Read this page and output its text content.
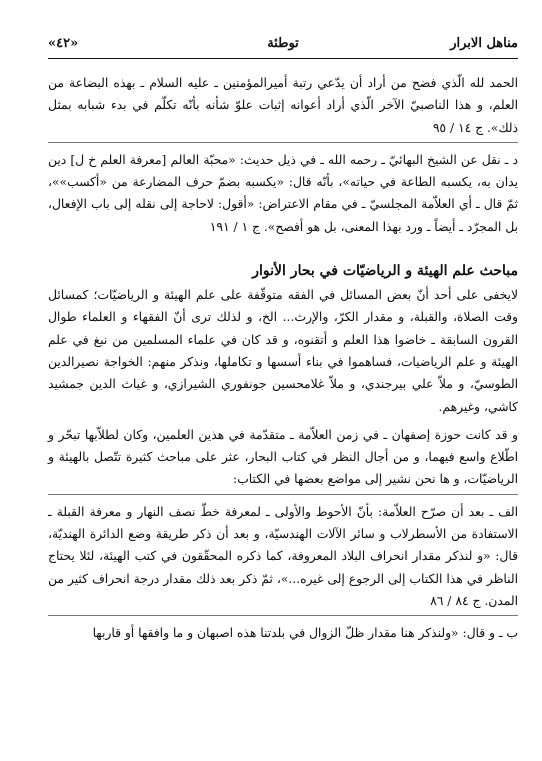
«٤٢»	توطئة	مناهل الابرار

الحمد لله الّذي فضح من أراد أن يدّعي رتبة أميرالمؤمنين ـ عليه السلام ـ بهذه البضاعة من العلم، و هذا الناصبيّ الآخر الّذي أراد أعوانه إثبات علوّ شأنه بأنّه تكلّم في بدء شبابه بمثل ذلك». ج ١٤ / ٩٥

د ـ نقل عن الشيخ البهائيّ ـ رحمه الله ـ في ذيل حديث: «محبّة العالم [معرفة العلم خ ل] دين يدان به، يكسبه الطاعة في حياته»، بأنّه قال: «يكسبه بضمّ حرف المضارعة من «أكسب»»، ثمّ قال ـ أي العلاّمة المجلسيّ ـ في مقام الاعتراض: «أقول: لاحاجة إلى نقله إلى باب الإفعال، بل المجرّد ـ أيضاً ـ ورد بهذا المعنى، بل هو أفصح». ج ١ / ١٩١

مباحث علم الهيئة و الرياضيّات في بحار الأنوار

لايخفى على أحد أنّ بعض المسائل في الفقه متوقّفة على علم الهيئة و الرياضيّات؛ كمسائل وقت الصلاة، والقبلة، و مقدار الكرّ، والإرث... الخ، و لذلك ترى أنّ الفقهاء و العلماء طوال القرون السابقة ـ خاضوا هذا العلم و أتقنوه، و قد كان في علماء المسلمين من نبغ في علم الهيئة و علم الرياضيات، فساهموا في بناء أسسها و تكاملها، ونذكر منهم: الخواجة نصيرالدين الطوسيّ، و ملاّ علي بيرجندي، و ملاّ غلامحسين جونفوري الشيرازي، و غياث الدين جمشيد كاشي، وغيرهم.

و قد كانت حوزة إصفهان ـ في زمن العلاّمة ـ متقدّمة في هذين العلمين، وكان لطلاّبها تبحّر و اطّلاع واسع فيهما، و من أجال النظر في كتاب البحار، عثر على مباحث كثيرة تتّصل بالهيئة و الرياضيّات، و ها نحن نشير إلى مواضع بعضها في الكتاب:

الف ـ بعد أن صرّح العلاّمة: بأنّ الأحوط والأولى ـ لمعرفة خطّ نصف النهار و معرفة القبلة ـ الاستفادة من الأسطرلاب و سائر الآلات الهندسيّة، و بعد أن ذكر طريقة وضع الدائرة الهنديّة، قال: «و لنذكر مقدار انحراف البلاد المعروفة، كما ذكره المحقّقون في كتب الهيئة، لئلا يحتاج الناظر في هذا الكتاب إلى الرجوع إلى غيره...»، ثمّ ذكر بعد ذلك مقدار درجة انحراف كثير من المدن. ج ٨٤ / ٨٦

ب ـ و قال: «ولنذكر هنا مقدار ظلّ الزوال في بلدتنا هذه اصبهان و ما وافقها أو قاربها
